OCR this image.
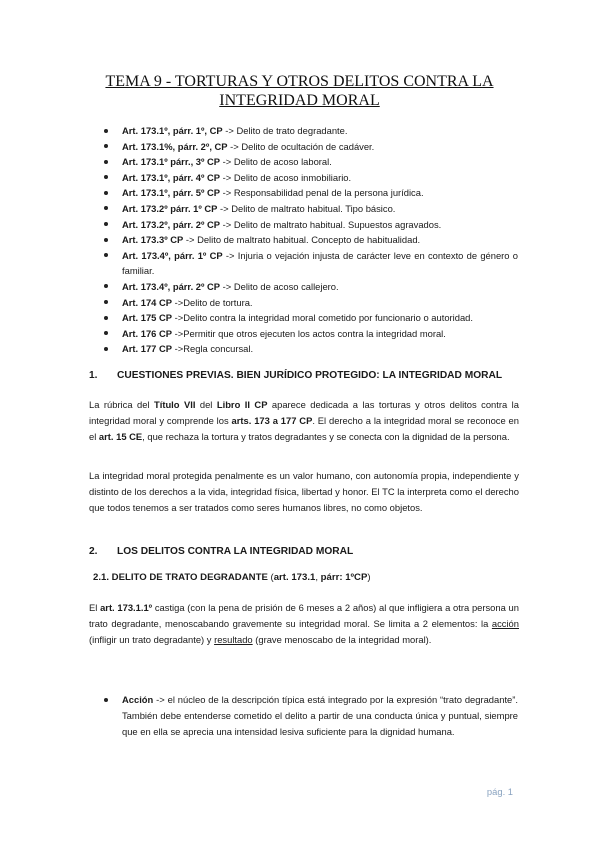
TEMA 9 - TORTURAS Y OTROS DELITOS CONTRA LA
INTEGRIDAD MORAL
Art. 173.1º, párr. 1º, CP -> Delito de trato degradante.
Art. 173.1%, párr. 2º, CP -> Delito de ocultación de cadáver.
Art. 173.1º párr., 3º CP -> Delito de acoso laboral.
Art. 173.1º, párr. 4º CP -> Delito de acoso inmobiliario.
Art. 173.1º, párr. 5º CP -> Responsabilidad penal de la persona jurídica.
Art. 173.2º párr. 1º CP -> Delito de maltrato habitual. Tipo básico.
Art. 173.2º, párr. 2º CP -> Delito de maltrato habitual. Supuestos agravados.
Art. 173.3º CP -> Delito de maltrato habitual. Concepto de habitualidad.
Art. 173.4º, párr. 1º CP -> Injuria o vejación injusta de carácter leve en contexto de género o familiar.
Art. 173.4º, párr. 2º CP -> Delito de acoso callejero.
Art. 174 CP ->Delito de tortura.
Art. 175 CP ->Delito contra la integridad moral cometido por funcionario o autoridad.
Art. 176 CP ->Permitir que otros ejecuten los actos contra la integridad moral.
Art. 177 CP ->Regla concursal.
1. CUESTIONES PREVIAS. BIEN JURÍDICO PROTEGIDO: LA INTEGRIDAD MORAL

La rúbrica del Título VII del Libro II CP aparece dedicada a las torturas y otros delitos contra la integridad moral y comprende los arts. 173 a 177 CP. El derecho a la integridad moral se reconoce en el art. 15 CE, que rechaza la tortura y tratos degradantes y se conecta con la dignidad de la persona.

La integridad moral protegida penalmente es un valor humano, con autonomía propia, independiente y distinto de los derechos a la vida, integridad física, libertad y honor. El TC la interpreta como el derecho que todos tenemos a ser tratados como seres humanos libres, no como objetos.

2. LOS DELITOS CONTRA LA INTEGRIDAD MORAL
2.1. DELITO DE TRATO DEGRADANTE (art. 173.1, párr: 1ºCP)

El art. 173.1.1º castiga (con la pena de prisión de 6 meses a 2 años) al que infligiera a otra persona un trato degradante, menoscabando gravemente su integridad moral. Se limita a 2 elementos: la acción (infligir un trato degradante) y resultado (grave menoscabo de la integridad moral).

Acción -> el núcleo de la descripción típica está integrado por la expresión “trato degradante”. También debe entenderse cometido el delito a partir de una conducta única y puntual, siempre que en ella se aprecia una intensidad lesiva suficiente para la dignidad humana.
pág. 1
